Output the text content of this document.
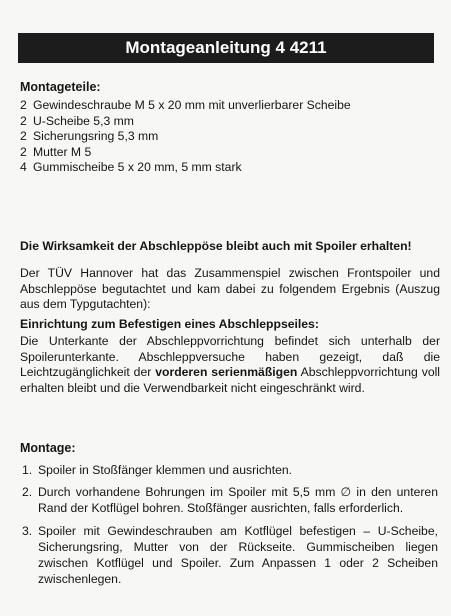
Montageanleitung 4 4211
Montageteile:
2 Gewindeschraube M 5 x 20 mm mit unverlierbarer Scheibe
2 U-Scheibe 5,3 mm
2 Sicherungsring 5,3 mm
2 Mutter M 5
4 Gummischeibe 5 x 20 mm, 5 mm stark
Die Wirksamkeit der Abschleppöse bleibt auch mit Spoiler erhalten!
Der TÜV Hannover hat das Zusammenspiel zwischen Frontspoiler und Abschleppöse begutachtet und kam dabei zu folgendem Ergebnis (Auszug aus dem Typgutachten):
Einrichtung zum Befestigen eines Abschleppseiles:
Die Unterkante der Abschleppvorrichtung befindet sich unterhalb der Spoilerunterkante. Abschleppversuche haben gezeigt, daß die Leichtzugänglichkeit der vorderen serienmäßigen Abschleppvorrichtung voll erhalten bleibt und die Verwendbarkeit nicht eingeschränkt wird.
Montage:
1. Spoiler in Stoßfänger klemmen und ausrichten.
2. Durch vorhandene Bohrungen im Spoiler mit 5,5 mm ∅ in den unteren Rand der Kotflügel bohren. Stoßfänger ausrichten, falls erforderlich.
3. Spoiler mit Gewindeschrauben am Kotflügel befestigen – U-Scheibe, Sicherungsring, Mutter von der Rückseite. Gummischeiben liegen zwischen Kotflügel und Spoiler. Zum Anpassen 1 oder 2 Scheiben zwischenlegen.
